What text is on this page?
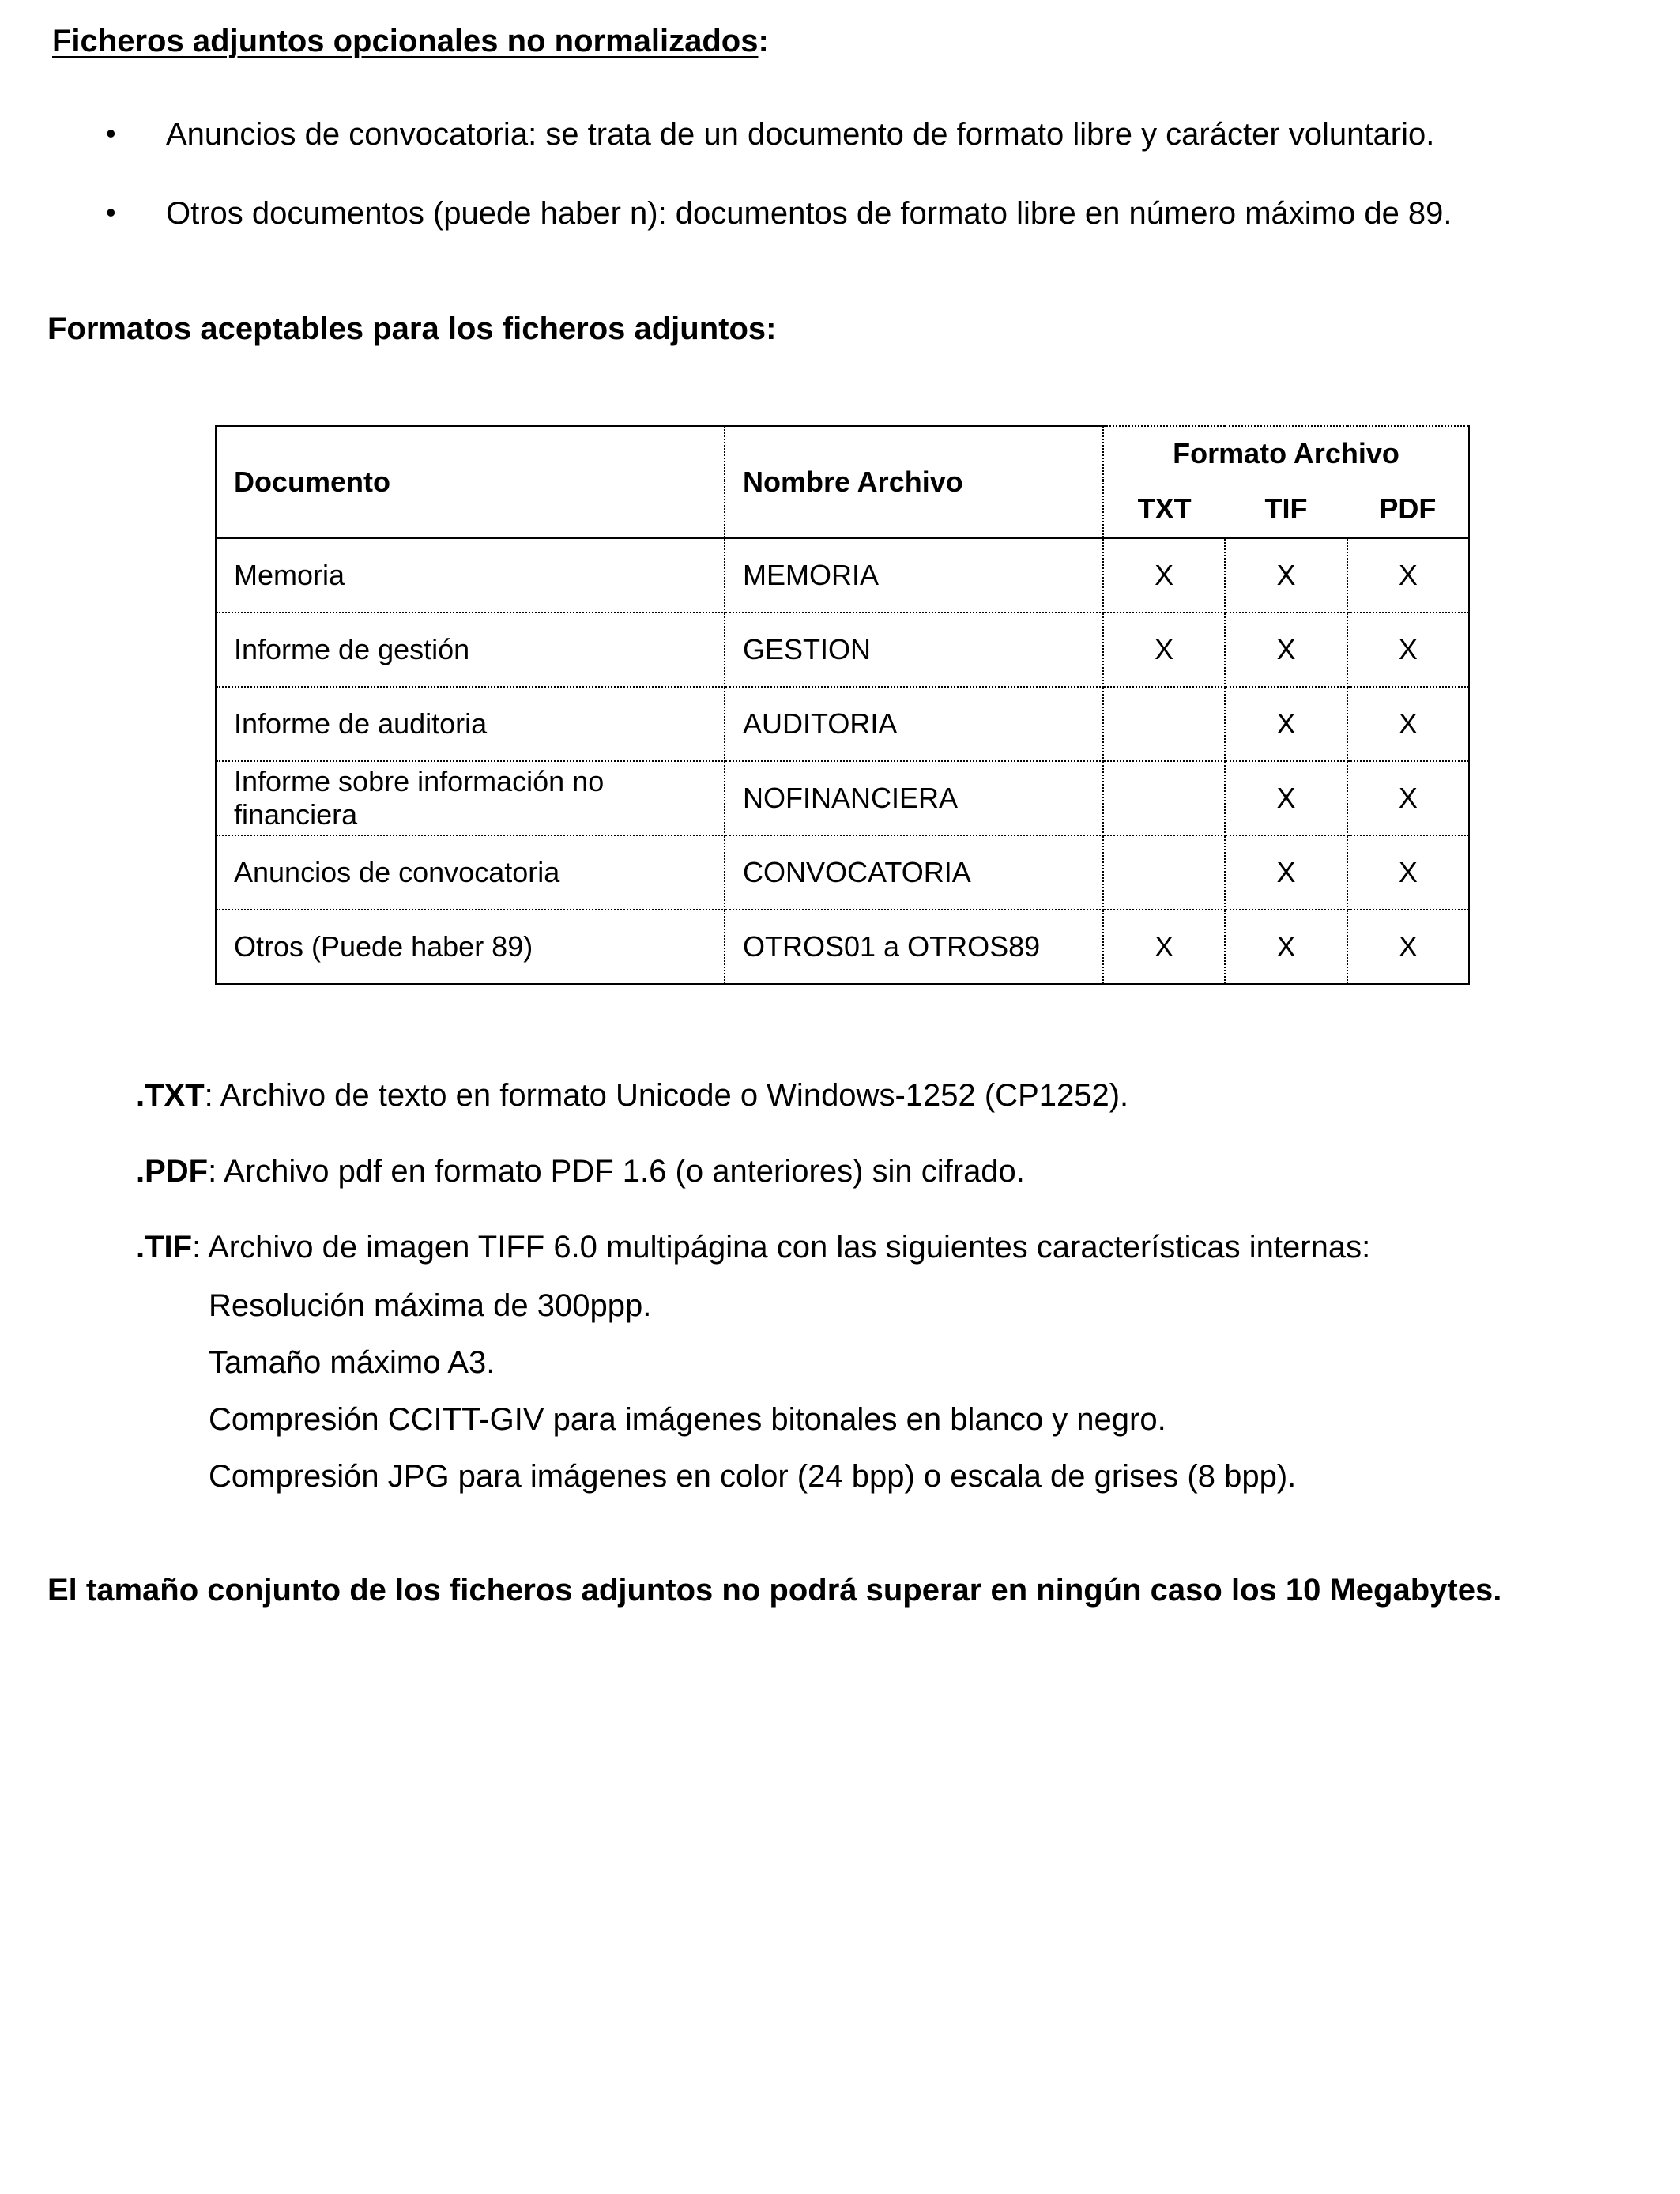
Ficheros adjuntos opcionales no normalizados:
• Anuncios de convocatoria: se trata de un documento de formato libre y carácter voluntario.
• Otros documentos (puede haber n): documentos de formato libre en número máximo de 89.
Formatos aceptables para los ficheros adjuntos:
Documento	Nombre Archivo	Formato Archivo		
		TXT	TIF	PDF
Memoria	MEMORIA	X	X	X
Informe de gestión	GESTION	X	X	X
Informe de auditoria	AUDITORIA		X	X
Informe sobre información no financiera	NOFINANCIERA		X	X
Anuncios de convocatoria	CONVOCATORIA		X	X
Otros (Puede haber 89)	OTROS01 a OTROS89	X	X	X
.TXT: Archivo de texto en formato Unicode o Windows-1252 (CP1252).
.PDF: Archivo pdf en formato PDF 1.6 (o anteriores) sin cifrado.
.TIF: Archivo de imagen TIFF 6.0 multipágina con las siguientes características internas:
Resolución máxima de 300ppp.
Tamaño máximo A3.
Compresión CCITT-GIV para imágenes bitonales en blanco y negro.
Compresión JPG para imágenes en color (24 bpp) o escala de grises (8 bpp).
El tamaño conjunto de los ficheros adjuntos no podrá superar en ningún caso los 10 Megabytes.
